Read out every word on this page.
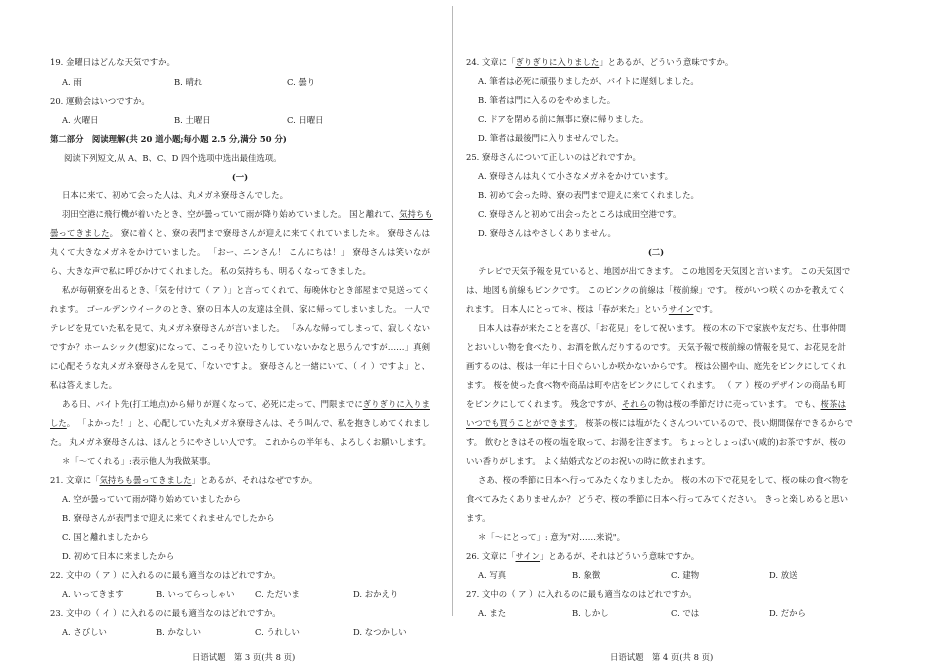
19. 金曜日はどんな天気ですか。
A. 雨	B. 晴れ	C. 曇り
20. 運動会はいつですか。
A. 火曜日	B. 土曜日	C. 日曜日
第二部分　阅读理解(共 20 道小题;每小题 2.5 分,满分 50 分)
阅读下列短文,从 A、B、C、D 四个选项中选出最佳选项。
(一)
日本に来て、初めて会った人は、丸メガネ寮母さんでした。
羽田空港に飛行機が着いたとき、空が曇っていて雨が降り始めていました。 国と離れて、気持ちも
曇ってきました。 寮に着くと、寮の表門まで寮母さんが迎えに来てくれていました＊。 寮母さんは
丸くて大きなメガネをかけていました。 「おー、ニンさん！ こんにちは！」 寮母さんは笑いなが
ら、大きな声で私に呼びかけてくれました。 私の気持ちも、明るくなってきました。
私が毎朝寮を出るとき、「気を付けて（ ア ）」と言ってくれて、毎晩休むとき部屋まで見送ってく
れます。 ゴールデンウイークのとき、寮の日本人の友達は全員、家に帰ってしまいました。 一人で
テレビを見ていた私を見て、丸メガネ寮母さんが言いました。 「みんな帰ってしまって、寂しくない
ですか？ホームシック(想家)になって、こっそり泣いたりしていないかなと思うんですが……」真剣
に心配そうな丸メガネ寮母さんを見て、「ないですよ。 寮母さんと一緒にいて、（ イ ）ですよ」と、
私は答えました。
ある日、バイト先(打工地点)から帰りが遅くなって、必死に走って、門限までにぎりぎりに入りま
した。 「よかった！」と、心配していた丸メガネ寮母さんは、そう叫んで、私を抱きしめてくれまし
た。 丸メガネ寮母さんは、ほんとうにやさしい人です。 これからの半年も、よろしくお願いします。
＊「〜てくれる」:表示他人为我做某事。
21. 文章に「気持ちも曇ってきました」とあるが、それはなぜですか。
A. 空が曇っていて雨が降り始めていましたから
B. 寮母さんが表門まで迎えに来てくれませんでしたから
C. 国と離れましたから
D. 初めて日本に来ましたから
22. 文中の（ ア ）に入れるのに最も適当なのはどれですか。
A. いってきます	B. いってらっしゃい C. ただいま	D. おかえり
23. 文中の（ イ ）に入れるのに最も適当なのはどれですか。
A. さびしい	B. かなしい	C. うれしい	D. なつかしい
日语试题　第 3 页(共 8 页)
24. 文章に「ぎりぎりに入りました」とあるが、どういう意味ですか。
A. 筆者は必死に頑張りましたが、バイトに遅刻しました。
B. 筆者は門に入るのをやめました。
C. ドアを閉める前に無事に寮に帰りました。
D. 筆者は最後門に入りませんでした。
25. 寮母さんについて正しいのはどれですか。
A. 寮母さんは丸くて小さなメガネをかけています。
B. 初めて会った時、寮の表門まで迎えに来てくれました。
C. 寮母さんと初めて出会ったところは成田空港です。
D. 寮母さんはやさしくありません。
(二)
テレビで天気予報を見ていると、地図が出てきます。 この地図を天気図と言います。 この天気図で
は、地図も前線もピンクです。 このピンクの前線は「桜前線」です。 桜がいつ咲くのかを教えてく
れます。 日本人にとって＊、桜は「春が来た」というサインです。
日本人は春が来たことを喜び、「お花見」をして祝います。 桜の木の下で家族や友だち、仕事仲間
とおいしい物を食べたり、お酒を飲んだりするのです。 天気予報で桜前線の情報を見て、お花見を計
画するのは、桜は一年に十日ぐらいしか咲かないからです。 桜は公園や山、庭先をピンクにしてくれ
ます。 桜を使った食べ物や商品は町や店をピンクにしてくれます。 （ ア ）桜のデザインの商品も町
をピンクにしてくれます。 残念ですが、それらの物は桜の季節だけに売っています。 でも、桜茶は
いつでも買うことができます。 桜茶の桜には塩がたくさんついているので、長い期間保存できるからで
す。 飲むときはその桜の塩を取って、お湯を注ぎます。 ちょっとしょっぱい(咸的)お茶ですが、桜の
いい香りがします。 よく結婚式などのお祝いの時に飲まれます。
さあ、桜の季節に日本へ行ってみたくなりましたか。 桜の木の下で花見をして、桜の味の食べ物を
食べてみたくありませんか？ どうぞ、桜の季節に日本へ行ってみてください。 きっと楽しめると思い
ます。
＊「〜にとって」: 意为"对……来说"。
26. 文章に「サイン」とあるが、それはどういう意味ですか。
A. 写真	B. 象徴	C. 建物	D. 放送
27. 文中の（ ア ）に入れるのに最も適当なのはどれですか。
A. また	B. しかし	C. では	D. だから
日语试题　第 4 页(共 8 页)
